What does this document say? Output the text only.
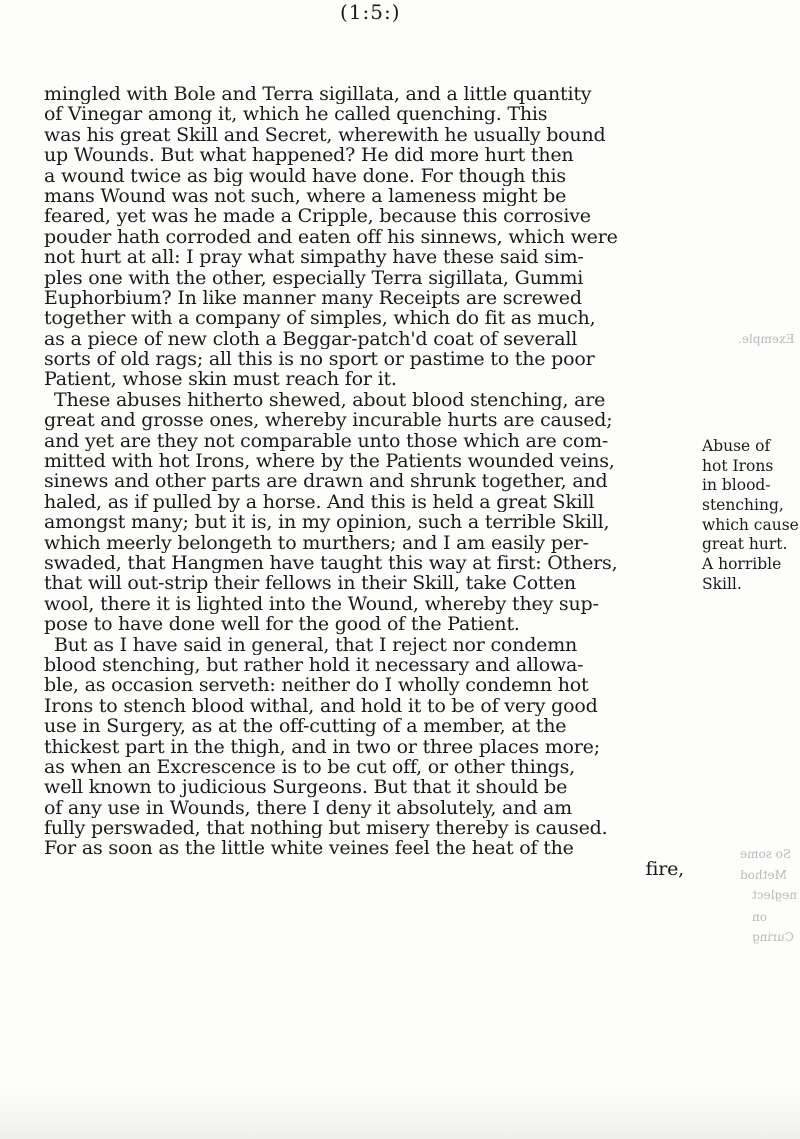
(1:5:)
mingled with Bole and Terra sigillata, and a little quantity
of Vinegar among it, which he called quenching. This
was his great Skill and Secret, wherewith he usually bound
up Wounds. But what happened? He did more hurt then
a wound twice as big would have done. For though this
mans Wound was not such, where a lameness might be
feared, yet was he made a Cripple, because this corrosive
pouder hath corroded and eaten off his sinnews, which were
not hurt at all: I pray what simpathy have these said sim-
ples one with the other, especially Terra sigillata, Gummi
Euphorbium? In like manner many Receipts are screwed
together with a company of simples, which do fit as much,
as a piece of new cloth a Beggar-patch'd coat of severall
sorts of old rags; all this is no sport or pastime to the poor
Patient, whose skin must reach for it.
These abuses hitherto shewed, about blood stenching, are
great and grosse ones, whereby incurable hurts are caused;
and yet are they not comparable unto those which are com-
mitted with hot Irons, where by the Patients wounded veins,
sinews and other parts are drawn and shrunk together, and
haled, as if pulled by a horse. And this is held a great Skill
amongst many; but it is, in my opinion, such a terrible Skill,
which meerly belongeth to murthers; and I am easily per-
swaded, that Hangmen have taught this way at first: Others,
that will out-strip their fellows in their Skill, take Cotten
wool, there it is lighted into the Wound, whereby they sup-
pose to have done well for the good of the Patient.
But as I have said in general, that I reject nor condemn
blood stenching, but rather hold it necessary and allowa-
ble, as occasion serveth: neither do I wholly condemn hot
Irons to stench blood withal, and hold it to be of very good
use in Surgery, as at the off-cutting of a member, at the
thickest part in the thigh, and in two or three places more;
as when an Excrescence is to be cut off, or other things,
well known to judicious Surgeons. But that it should be
of any use in Wounds, there I deny it absolutely, and am
fully perswaded, that nothing but misery thereby is caused.
For as soon as the little white veines feel the heat of the
fire,
Abuse of
hot Irons
in blood-
stenching,
which cause
great hurt.
A horrible
Skill.
Exemple.
So some
Method
neglect
on
Curing
